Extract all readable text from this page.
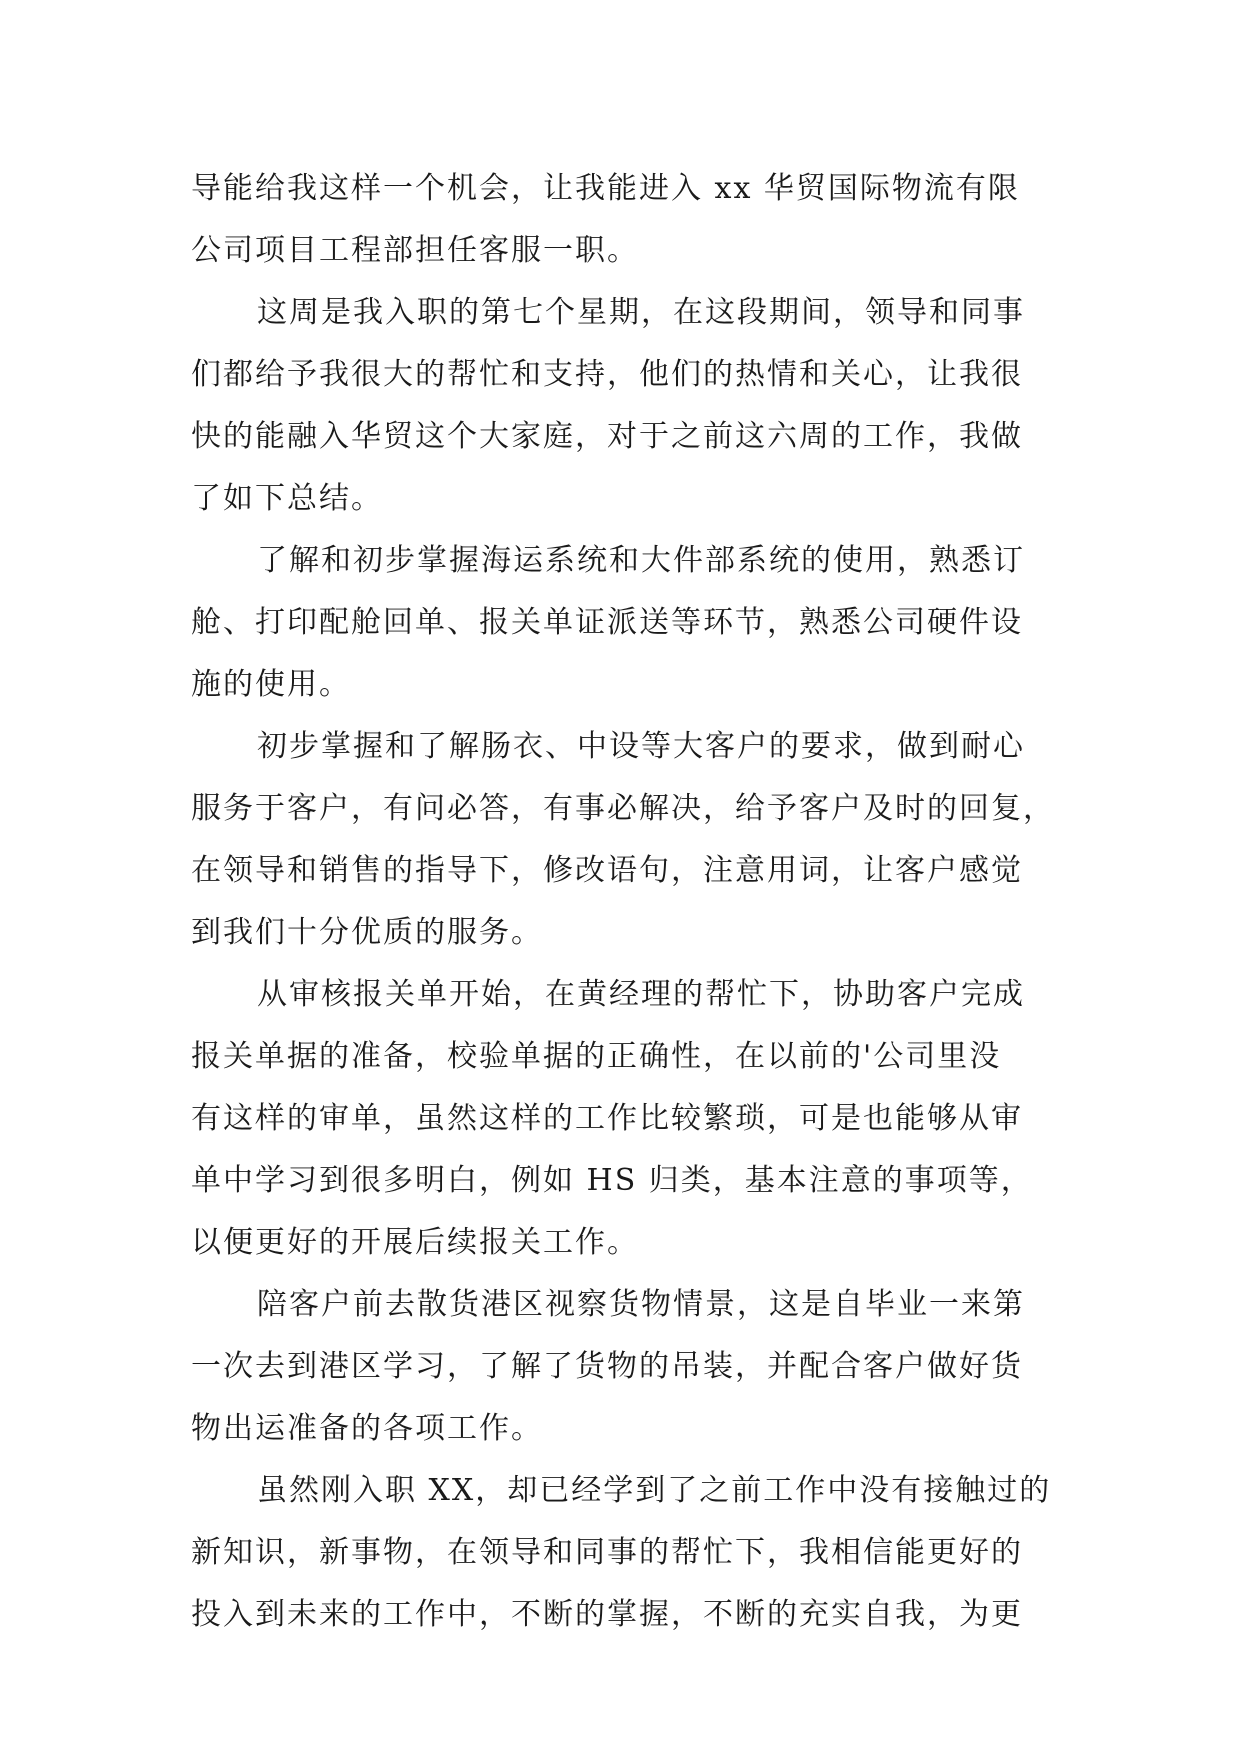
导能给我这样一个机会，让我能进入 xx 华贸国际物流有限
公司项目工程部担任客服一职。
这周是我入职的第七个星期，在这段期间，领导和同事
们都给予我很大的帮忙和支持，他们的热情和关心，让我很
快的能融入华贸这个大家庭，对于之前这六周的工作，我做
了如下总结。
了解和初步掌握海运系统和大件部系统的使用，熟悉订
舱、打印配舱回单、报关单证派送等环节，熟悉公司硬件设
施的使用。
初步掌握和了解肠衣、中设等大客户的要求，做到耐心
服务于客户，有问必答，有事必解决，给予客户及时的回复，
在领导和销售的指导下，修改语句，注意用词，让客户感觉
到我们十分优质的服务。
从审核报关单开始，在黄经理的帮忙下，协助客户完成
报关单据的准备，校验单据的正确性，在以前的'公司里没
有这样的审单，虽然这样的工作比较繁琐，可是也能够从审
单中学习到很多明白，例如 HS 归类，基本注意的事项等，
以便更好的开展后续报关工作。
陪客户前去散货港区视察货物情景，这是自毕业一来第
一次去到港区学习，了解了货物的吊装，并配合客户做好货
物出运准备的各项工作。
虽然刚入职 XX，却已经学到了之前工作中没有接触过的
新知识，新事物，在领导和同事的帮忙下，我相信能更好的
投入到未来的工作中，不断的掌握，不断的充实自我，为更
